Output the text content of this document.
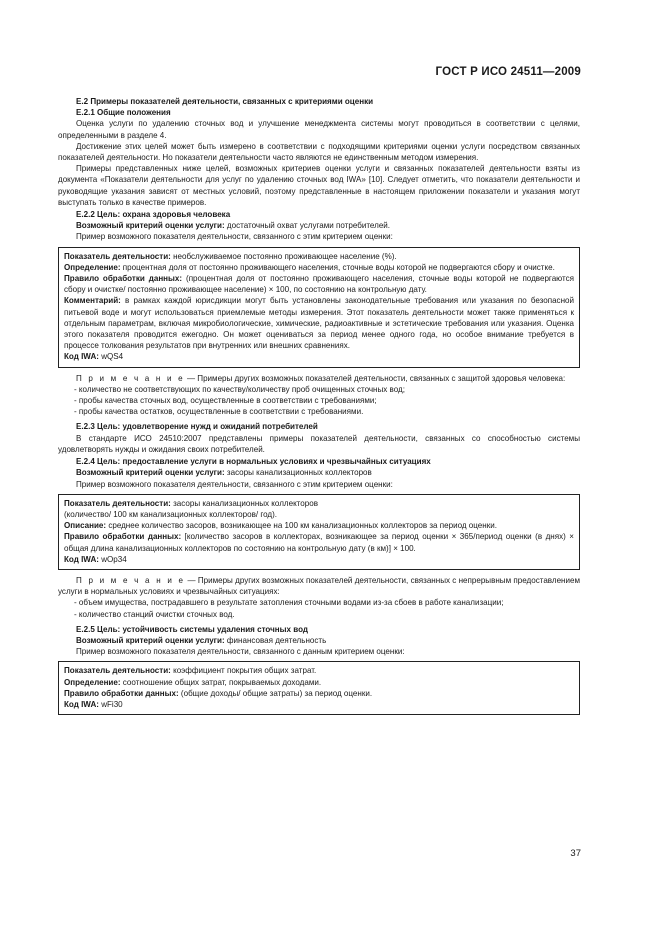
ГОСТ Р ИСО 24511—2009

Е.2 Примеры показателей деятельности, связанных с критериями оценки

Е.2.1 Общие положения

Оценка услуги по удалению сточных вод и улучшение менеджмента системы могут проводиться в соответствии с целями, определенными в разделе 4.

Достижение этих целей может быть измерено в соответствии с подходящими критериями оценки услуги посредством связанных показателей деятельности. Но показатели деятельности часто являются не единственным методом измерения.

Примеры представленных ниже целей, возможных критериев оценки услуги и связанных показателей деятельности взяты из документа «Показатели деятельности для услуг по удалению сточных вод IWA» [10]. Следует отметить, что показатели деятельности и руководящие указания зависят от местных условий, поэтому представленные в настоящем приложении показатели и указания могут выступать только в качестве примеров.

Е.2.2 Цель: охрана здоровья человека

Возможный критерий оценки услуги: достаточный охват услугами потребителей.

Пример возможного показателя деятельности, связанного с этим критерием оценки:

Показатель деятельности: необслуживаемое постоянно проживающее население (%).

Определение: процентная доля от постоянно проживающего населения, сточные воды которой не подвергаются сбору и очистке.

Правило обработки данных: (процентная доля от постоянно проживающего населения, сточные воды которой не подвергаются сбору и очистке/ постоянно проживающее население) × 100, по состоянию на контрольную дату.

Комментарий: в рамках каждой юрисдикции могут быть установлены законодательные требования или указания по безопасной питьевой воде и могут использоваться приемлемые методы измерения. Этот показатель деятельности может также применяться к отдельным параметрам, включая микробиологические, химические, радиоактивные и эстетические требования или указания. Оценка этого показателя проводится ежегодно. Он может оцениваться за период менее одного года, но особое внимание требуется в процессе толкования результатов при внутренних или внешних сравнениях.

Код IWA: wQS4

П р и м е ч а н и е — Примеры других возможных показателей деятельности, связанных с защитой здоровья человека:

- количество не соответствующих по качеству/количеству проб очищенных сточных вод;

- пробы качества сточных вод, осуществленные в соответствии с требованиями;

- пробы качества остатков, осуществленные в соответствии с требованиями.

Е.2.3 Цель: удовлетворение нужд и ожиданий потребителей

В стандарте ИСО 24510:2007 представлены примеры показателей деятельности, связанных со способностью системы удовлетворять нужды и ожидания своих потребителей.

Е.2.4 Цель: предоставление услуги в нормальных условиях и чрезвычайных ситуациях

Возможный критерий оценки услуги: засоры канализационных коллекторов

Пример возможного показателя деятельности, связанного с этим критерием оценки:

Показатель деятельности: засоры канализационных коллекторов

(количество/ 100 км канализационных коллекторов/ год).

Описание: среднее количество засоров, возникающее на 100 км канализационных коллекторов за период оценки.

Правило обработки данных: [количество засоров в коллекторах, возникающее за период оценки × 365/период оценки (в днях) × общая длина канализационных коллекторов по состоянию на контрольную дату (в км)] × 100.

Код IWA: wOp34

П р и м е ч а н и е — Примеры других возможных показателей деятельности, связанных с непрерывным предоставлением услуги в нормальных условиях и чрезвычайных ситуациях:

- объем имущества, пострадавшего в результате затопления сточными водами из-за сбоев в работе канализации;

- количество станций очистки сточных вод.

Е.2.5 Цель: устойчивость системы удаления сточных вод

Возможный критерий оценки услуги: финансовая деятельность

Пример возможного показателя деятельности, связанного с данным критерием оценки:

Показатель деятельности: коэффициент покрытия общих затрат.

Определение: соотношение общих затрат, покрываемых доходами.

Правило обработки данных: (общие доходы/ общие затраты) за период оценки.

Код IWA: wFi30

37
